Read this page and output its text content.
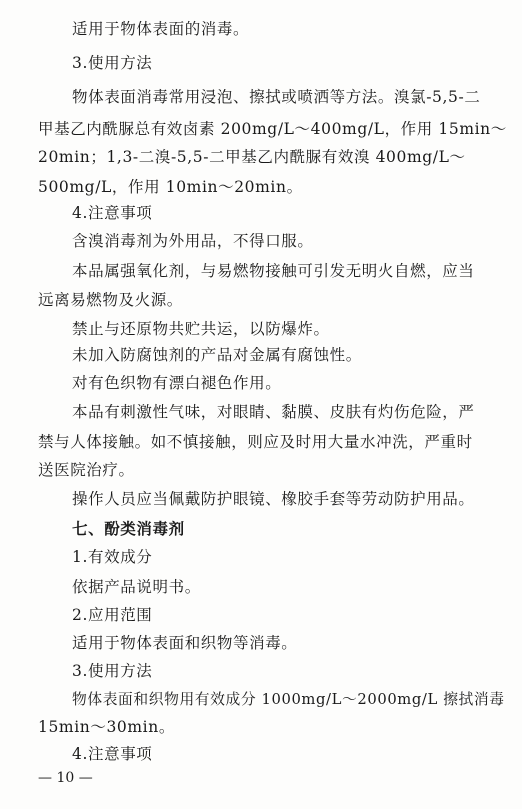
适用于物体表面的消毒。
3.使用方法
物体表面消毒常用浸泡、擦拭或喷洒等方法。溴氯-5,5-二
甲基乙内酰脲总有效卤素 200mg/L～400mg/L，作用 15min～
20min；1,3-二溴-5,5-二甲基乙内酰脲有效溴 400mg/L～
500mg/L，作用 10min～20min。
4.注意事项
含溴消毒剂为外用品，不得口服。
本品属强氧化剂，与易燃物接触可引发无明火自燃，应当
远离易燃物及火源。
禁止与还原物共贮共运，以防爆炸。
未加入防腐蚀剂的产品对金属有腐蚀性。
对有色织物有漂白褪色作用。
本品有刺激性气味，对眼睛、黏膜、皮肤有灼伤危险，严
禁与人体接触。如不慎接触，则应及时用大量水冲洗，严重时
送医院治疗。
操作人员应当佩戴防护眼镜、橡胶手套等劳动防护用品。
七、酚类消毒剂
1.有效成分
依据产品说明书。
2.应用范围
适用于物体表面和织物等消毒。
3.使用方法
物体表面和织物用有效成分 1000mg/L～2000mg/L 擦拭消毒
15min～30min。
4.注意事项
— 10 —
